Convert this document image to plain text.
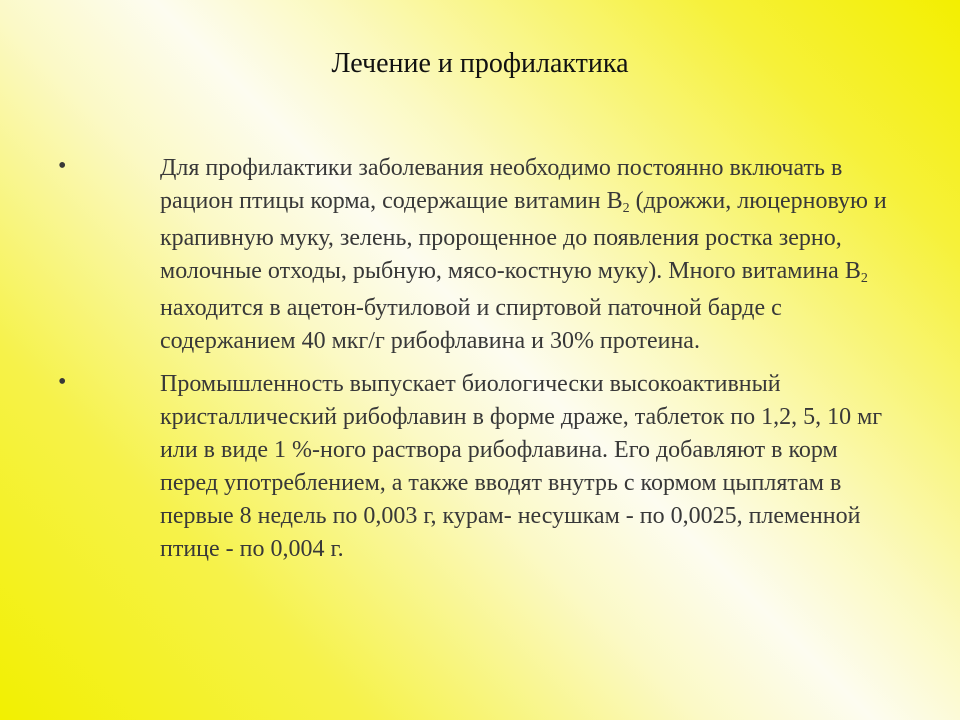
Лечение и профилактика
•	Для профилактики заболевания необходимо постоянно включать в
рацион птицы корма, содержащие витамин $B_2$ (дрожжи, люцерновую и
крапивную муку, зелень, пророщенное до появления ростка зерно,
молочные отходы, рыбную, мясо-костную муку). Много витамина $B_2$
находится в ацетон-бутиловой и спиртовой паточной барде с
содержанием 40 мкг/г рибофлавина и 30% протеина.
•	Промышленность выпускает биологически высокоактивный
кристаллический рибофлавин в форме драже, таблеток по 1,2, 5, 10 мг
или в виде 1 %-ного раствора рибофлавина. Его добавляют в корм
перед употреблением, а также вводят внутрь с кормом цыплятам в
первые 8 недель по 0,003 г, курам- несушкам - по 0,0025, племенной
птице - по 0,004 г.
